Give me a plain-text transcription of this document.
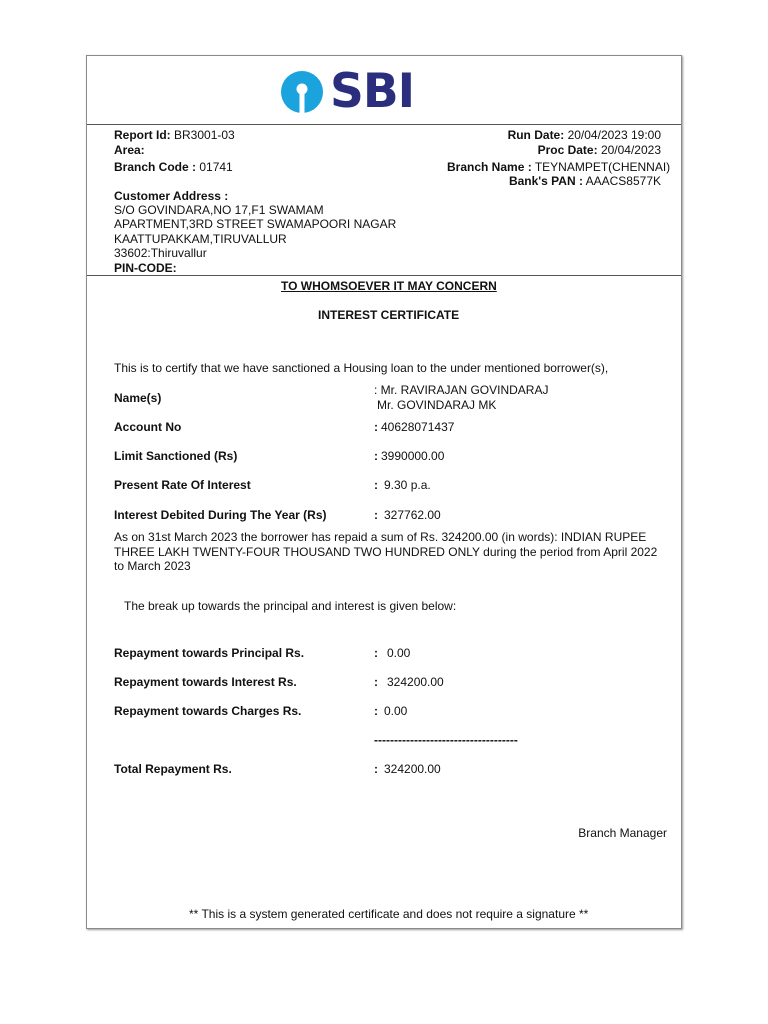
SBI
Report Id: BR3001-03
Area:
Branch Code : 01741
Run Date: 20/04/2023 19:00
Proc Date: 20/04/2023
Branch Name : TEYNAMPET(CHENNAI)
Bank's PAN : AAACS8577K
Customer Address :
S/O GOVINDARA,NO 17,F1 SWAMAM
APARTMENT,3RD STREET SWAMAPOORI NAGAR
KAATTUPAKKAM,TIRUVALLUR
33602:Thiruvallur
PIN-CODE:
TO WHOMSOEVER IT MAY CONCERN
INTEREST CERTIFICATE
This is to certify that we have sanctioned a Housing loan to the under mentioned borrower(s),
Name(s)
: Mr. RAVIRAJAN GOVINDARAJ
Mr. GOVINDARAJ MK
Account No	: 40628071437
Limit Sanctioned (Rs)	: 3990000.00
Present Rate Of Interest	: 9.30 p.a.
Interest Debited During The Year (Rs)	: 327762.00
As on 31st March 2023 the borrower has repaid a sum of Rs. 324200.00 (in words): INDIAN RUPEE THREE LAKH TWENTY-FOUR THOUSAND TWO HUNDRED ONLY during the period from April 2022 to March 2023
The break up towards the principal and interest is given below:
Repayment towards Principal Rs.	: 0.00
Repayment towards Interest Rs.	: 324200.00
Repayment towards Charges Rs.	: 0.00
------------------------------------
Total Repayment Rs.	: 324200.00
Branch Manager
** This is a system generated certificate and does not require a signature **
